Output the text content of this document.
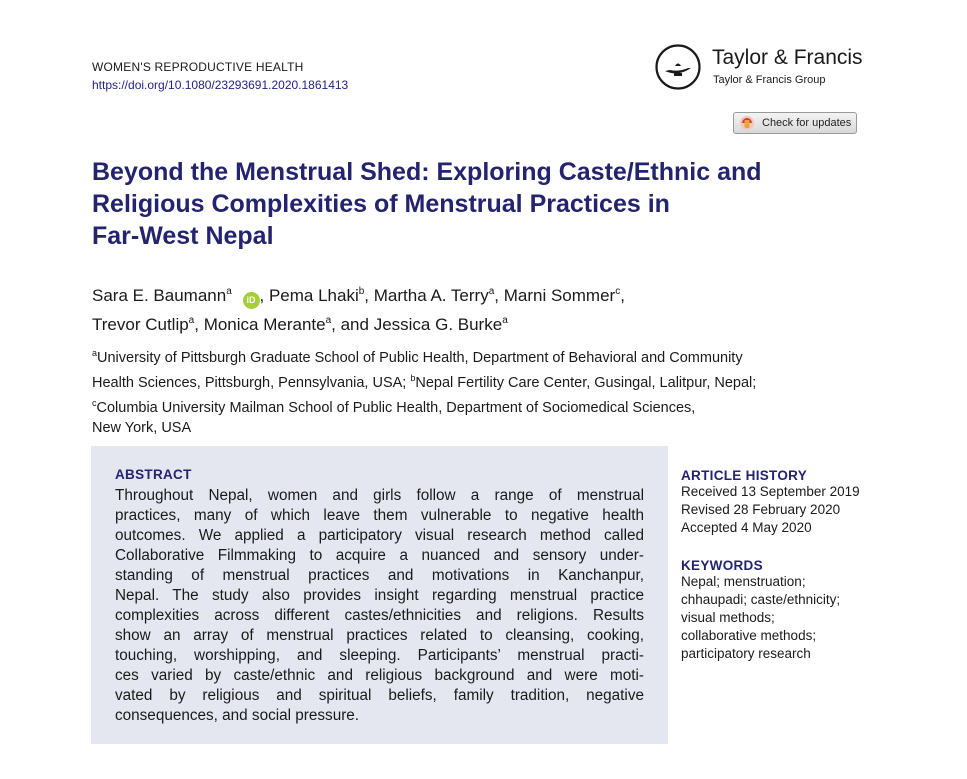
WOMEN'S REPRODUCTIVE HEALTH
https://doi.org/10.1080/23293691.2020.1861413
Taylor & Francis
Taylor & Francis Group
Check for updates
Beyond the Menstrual Shed: Exploring Caste/Ethnic and
Religious Complexities of Menstrual Practices in
Far-West Nepal
Sara E. Baumann$^a$ iD , Pema Lhaki$^b$, Martha A. Terry$^a$, Marni Sommer$^c$,
Trevor Cutlip$^a$, Monica Merante$^a$, and Jessica G. Burke$^a$
$^a$University of Pittsburgh Graduate School of Public Health, Department of Behavioral and Community
Health Sciences, Pittsburgh, Pennsylvania, USA; $^b$Nepal Fertility Care Center, Gusingal, Lalitpur, Nepal;
$^c$Columbia University Mailman School of Public Health, Department of Sociomedical Sciences,
New York, USA
ABSTRACT
Throughout Nepal, women and girls follow a range of menstrual
practices, many of which leave them vulnerable to negative health
outcomes. We applied a participatory visual research method called
Collaborative Filmmaking to acquire a nuanced and sensory under-
standing of menstrual practices and motivations in Kanchanpur,
Nepal. The study also provides insight regarding menstrual practice
complexities across different castes/ethnicities and religions. Results
show an array of menstrual practices related to cleansing, cooking,
touching, worshipping, and sleeping. Participants’ menstrual practi-
ces varied by caste/ethnic and religious background and were moti-
vated by religious and spiritual beliefs, family tradition, negative
consequences, and social pressure.
ARTICLE HISTORY
Received 13 September 2019
Revised 28 February 2020
Accepted 4 May 2020
KEYWORDS
Nepal; menstruation;
chhaupadi; caste/ethnicity;
visual methods;
collaborative methods;
participatory research
